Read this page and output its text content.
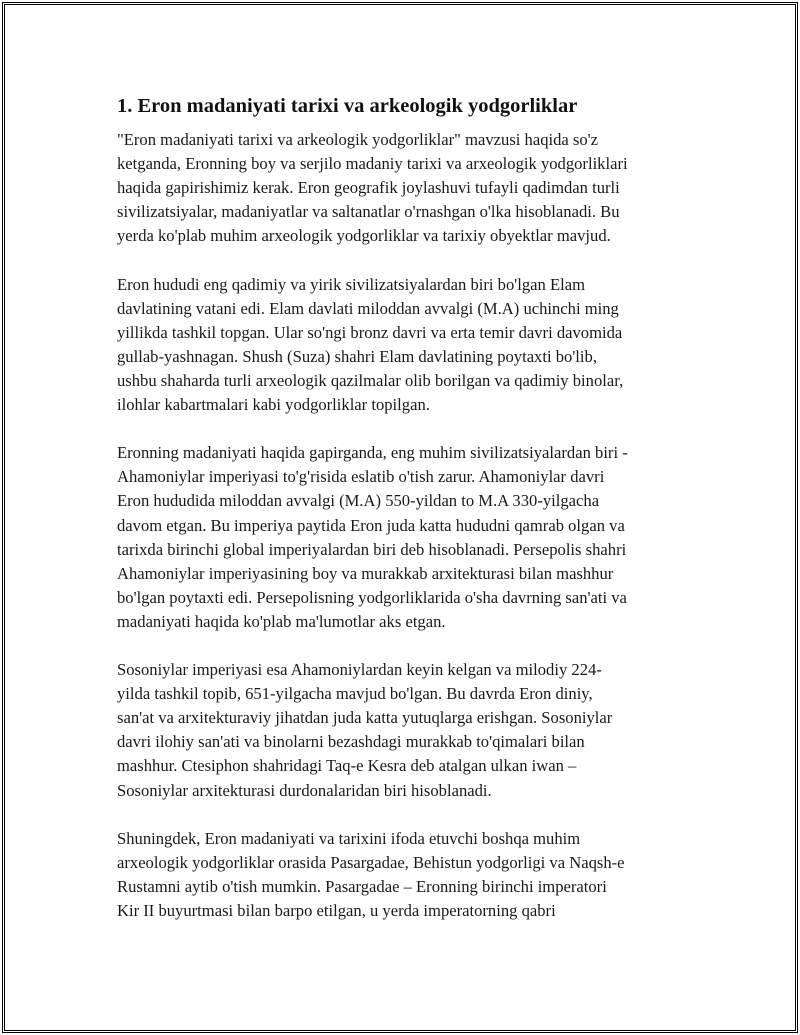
1. Eron madaniyati tarixi va arkeologik yodgorliklar

"Eron madaniyati tarixi va arkeologik yodgorliklar" mavzusi haqida so'z
ketganda, Eronning boy va serjilo madaniy tarixi va arxeologik yodgorliklari
haqida gapirishimiz kerak. Eron geografik joylashuvi tufayli qadimdan turli
sivilizatsiyalar, madaniyatlar va saltanatlar o'rnashgan o'lka hisoblanadi. Bu
yerda ko'plab muhim arxeologik yodgorliklar va tarixiy obyektlar mavjud.

Eron hududi eng qadimiy va yirik sivilizatsiyalardan biri bo'lgan Elam
davlatining vatani edi. Elam davlati miloddan avvalgi (M.A) uchinchi ming
yillikda tashkil topgan. Ular so'ngi bronz davri va erta temir davri davomida
gullab-yashnagan. Shush (Suza) shahri Elam davlatining poytaxti bo'lib,
ushbu shaharda turli arxeologik qazilmalar olib borilgan va qadimiy binolar,
ilohlar kabartmalari kabi yodgorliklar topilgan.

Eronning madaniyati haqida gapirganda, eng muhim sivilizatsiyalardan biri -
Ahamoniylar imperiyasi to'g'risida eslatib o'tish zarur. Ahamoniylar davri
Eron hududida miloddan avvalgi (M.A) 550-yildan to M.A 330-yilgacha
davom etgan. Bu imperiya paytida Eron juda katta hududni qamrab olgan va
tarixda birinchi global imperiyalardan biri deb hisoblanadi. Persepolis shahri
Ahamoniylar imperiyasining boy va murakkab arxitekturasi bilan mashhur
bo'lgan poytaxti edi. Persepolisning yodgorliklarida o'sha davrning san'ati va
madaniyati haqida ko'plab ma'lumotlar aks etgan.

Sosoniylar imperiyasi esa Ahamoniylardan keyin kelgan va milodiy 224-
yilda tashkil topib, 651-yilgacha mavjud bo'lgan. Bu davrda Eron diniy,
san'at va arxitekturaviy jihatdan juda katta yutuqlarga erishgan. Sosoniylar
davri ilohiy san'ati va binolarni bezashdagi murakkab to'qimalari bilan
mashhur. Ctesiphon shahridagi Taq-e Kesra deb atalgan ulkan iwan –
Sosoniylar arxitekturasi durdonalaridan biri hisoblanadi.

Shuningdek, Eron madaniyati va tarixini ifoda etuvchi boshqa muhim
arxeologik yodgorliklar orasida Pasargadae, Behistun yodgorligi va Naqsh-e
Rustamni aytib o'tish mumkin. Pasargadae – Eronning birinchi imperatori
Kir II buyurtmasi bilan barpo etilgan, u yerda imperatorning qabri
